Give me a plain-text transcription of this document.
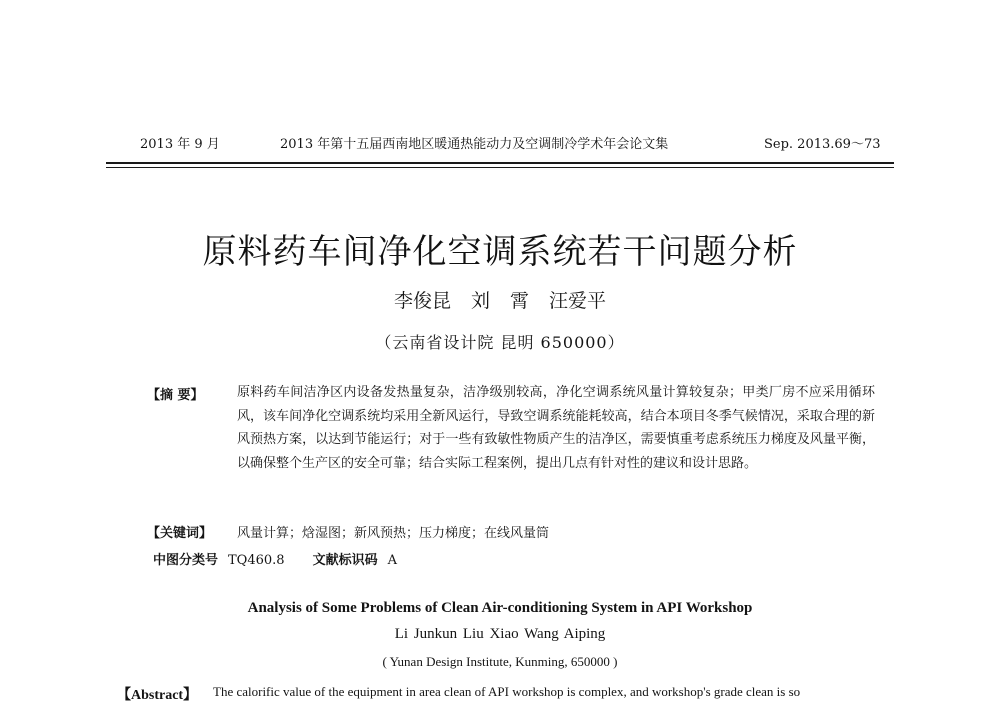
2013 年 9 月	2013 年第十五届西南地区暖通热能动力及空调制冷学术年会论文集	Sep. 2013.69～73
原料药车间净化空调系统若干问题分析
李俊昆 刘 霄 汪爱平
（云南省设计院 昆明 650000）
【摘 要】	原料药车间洁净区内设备发热量复杂，洁净级别较高，净化空调系统风量计算较复杂；甲类厂房不应采用循环风，该车间净化空调系统均采用全新风运行，导致空调系统能耗较高，结合本项目冬季气候情况，采取合理的新风预热方案，以达到节能运行；对于一些有致敏性物质产生的洁净区，需要慎重考虑系统压力梯度及风量平衡，以确保整个生产区的安全可靠；结合实际工程案例，提出几点有针对性的建议和设计思路。
【关键词】 风量计算；焓湿图；新风预热；压力梯度；在线风量筒
中图分类号 TQ460.8 文献标识码 A
Analysis of Some Problems of Clean Air-conditioning System in API Workshop
Li Junkun Liu Xiao Wang Aiping
( Yunan Design Institute, Kunming, 650000 )
【Abstract】 The calorific value of the equipment in area clean of API workshop is complex, and workshop's grade clean is so
